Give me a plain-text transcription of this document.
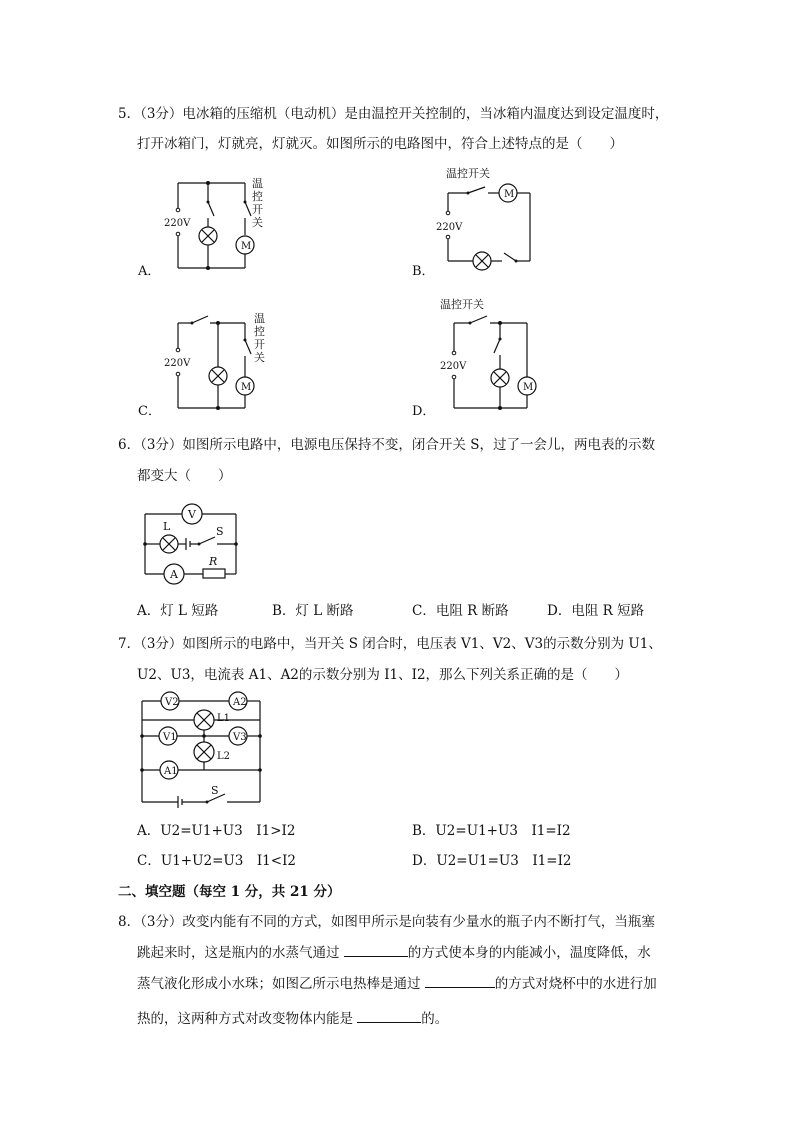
5．（3分）电冰箱的压缩机（电动机）是由温控开关控制的，当冰箱内温度达到设定温度时，
打开冰箱门，灯就亮，灯就灭。如图所示的电路图中，符合上述特点的是（　　）
220V
M
温
控
开
关
A．
温控开关
M
220V
B．
220V
M
温
控
开
关
C．
温控开关
220V
M
D．
6．（3分）如图所示电路中，电源电压保持不变，闭合开关 S，过了一会儿，两电表的示数
都变大（　　）
V
L	S
A
R
A．灯 L 短路	B．灯 L 断路	C．电阻 R 断路	D．电阻 R 短路
7．（3分）如图所示的电路中，当开关 S 闭合时，电压表 V1、V2、V3的示数分别为 U1、
U2、U3，电流表 A1、A2的示数分别为 I1、I2，那么下列关系正确的是（　　）
V2	A2
L1
V1	V3
L2
A1
S
A．U2=U1+U3　I1>I2	B．U2=U1+U3　I1=I2
C．U1+U2=U3　I1<I2	D．U2=U1=U3　I1=I2
二、填空题（每空 1 分，共 21 分）
8．（3分）改变内能有不同的方式，如图甲所示是向装有少量水的瓶子内不断打气，当瓶塞
跳起来时，这是瓶内的水蒸气通过	的方式使本身的内能减小，温度降低，水
蒸气液化形成小水珠；如图乙所示电热棒是通过	的方式对烧杯中的水进行加
热的，这两种方式对改变物体内能是	的。
